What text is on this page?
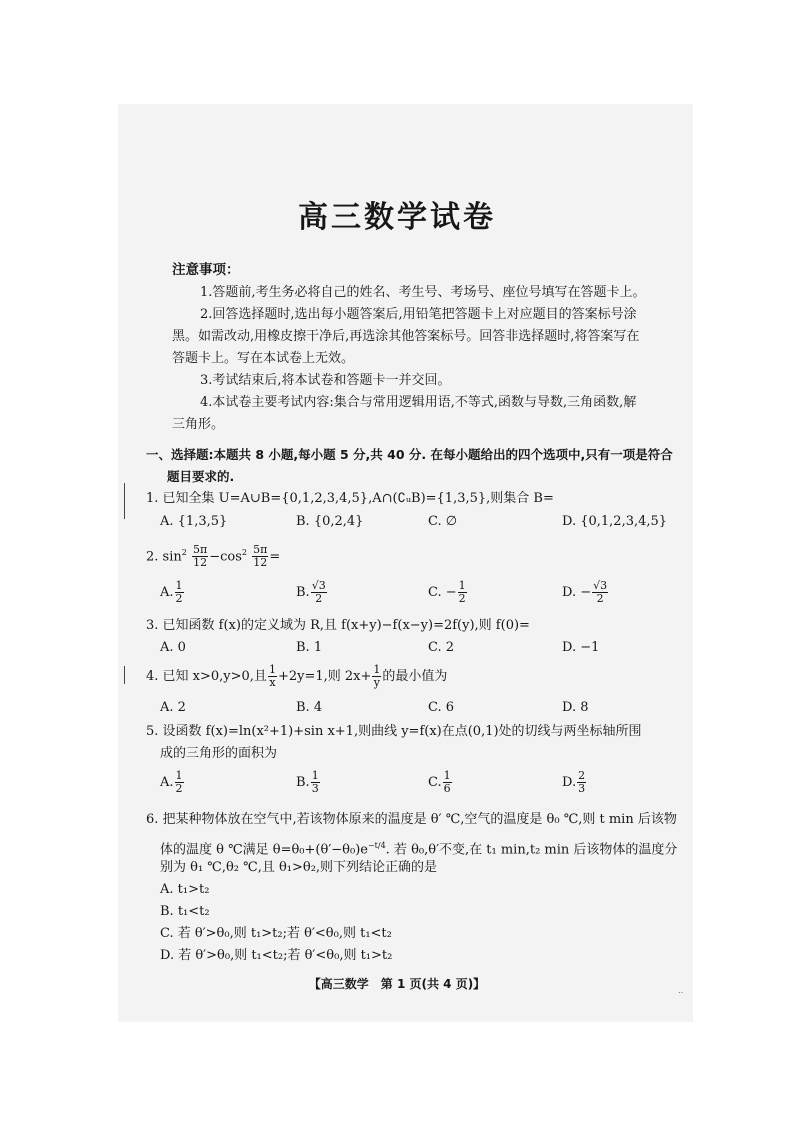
高三数学试卷
注意事项：
1.答题前,考生务必将自己的姓名、考生号、考场号、座位号填写在答题卡上。
2.回答选择题时,选出每小题答案后,用铅笔把答题卡上对应题目的答案标号涂
黑。如需改动,用橡皮擦干净后,再选涂其他答案标号。回答非选择题时,将答案写在
答题卡上。写在本试卷上无效。
3.考试结束后,将本试卷和答题卡一并交回。
4.本试卷主要考试内容:集合与常用逻辑用语,不等式,函数与导数,三角函数,解
三角形。
一、选择题:本题共 8 小题,每小题 5 分,共 40 分. 在每小题给出的四个选项中,只有一项是符合
题目要求的.
1. 已知全集 U=A∪B={0,1,2,3,4,5},A∩(∁ᵤB)={1,3,5},则集合 B=
A. {1,3,5}	B. {0,2,4}	C. ∅	D. {0,1,2,3,4,5}
2. $\sin^2 \frac{5\pi}{12} -\cos^2 \frac{5\pi}{12}$ =
A. $\frac{1}{2}$	B. $\frac{√3}{2}$	C. − $\frac{1}{2}$	D. − $\frac{√3}{2}$
3. 已知函数 f(x)的定义域为 R,且 f(x+y)−f(x−y)=2f(y),则 f(0)=
A. 0	B. 1	C. 2	D. −1
4. 已知 x>0,y>0,且 $\frac{1}{x} +2y=1$,则 $2x+ \frac{1}{y}$ 的最小值为
A. 2	B. 4	C. 6	D. 8
5. 设函数 f(x)=ln(x²+1)+sin x+1,则曲线 y=f(x)在点(0,1)处的切线与两坐标轴所围
成的三角形的面积为
A. $\frac{1}{2}$	B. $\frac{1}{3}$	C. $\frac{1}{6}$	D. $\frac{2}{3}$
6. 把某种物体放在空气中,若该物体原来的温度是 θ′ ℃,空气的温度是 θ₀ ℃,则 t min 后该物
体的温度 θ ℃满足 $\theta=\theta_0+(\theta'-\theta_0)e^{-t/4}$. 若 θ₀,θ′不变,在 t₁ min,t₂ min 后该物体的温度分
别为 θ₁ ℃,θ₂ ℃,且 θ₁>θ₂,则下列结论正确的是
A. t₁>t₂
B. t₁<t₂
C. 若 θ′>θ₀,则 t₁>t₂;若 θ′<θ₀,则 t₁<t₂
D. 若 θ′>θ₀,则 t₁<t₂;若 θ′<θ₀,则 t₁>t₂
【高三数学　第 1 页(共 4 页)】	‥
